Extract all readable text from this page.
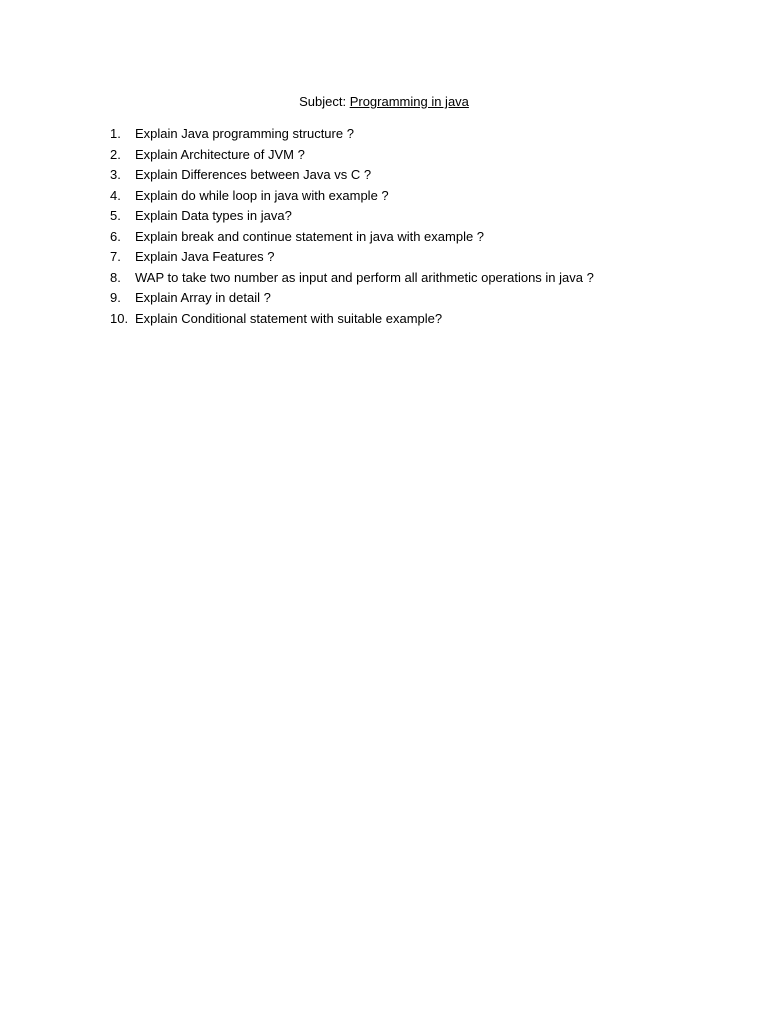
Subject: Programming in java
1.	Explain Java programming structure ?
2.	Explain Architecture of JVM ?
3.	Explain Differences between Java vs C ?
4.	Explain do while loop in java with example ?
5.	Explain Data types in java?
6.	Explain break and continue statement in java with example ?
7.	Explain Java Features ?
8.	WAP to take two number as input and perform all arithmetic operations in java ?
9.	Explain Array in detail ?
10. Explain Conditional statement with suitable example?
